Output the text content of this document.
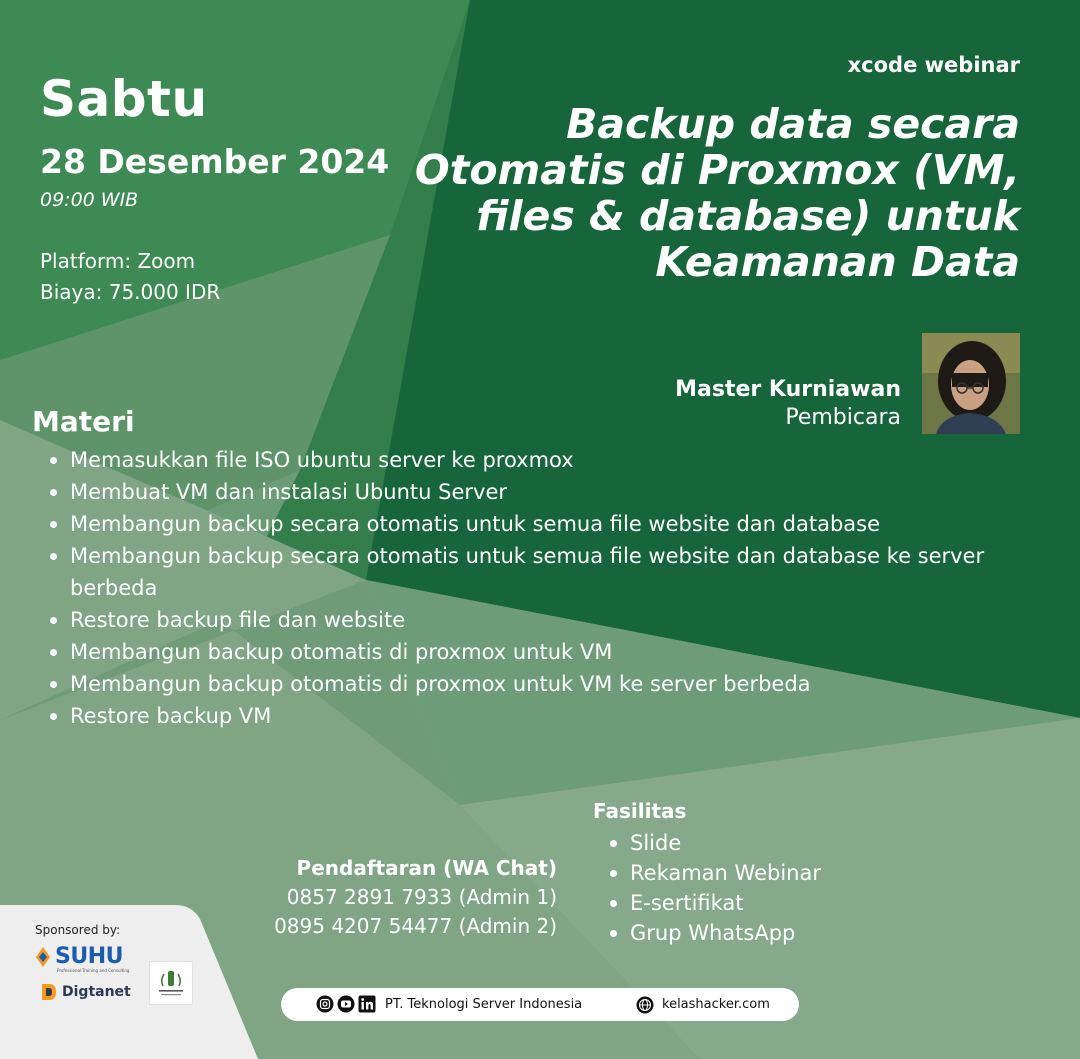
xcode webinar
Backup data secara Otomatis di Proxmox (VM, files & database) untuk Keamanan Data
Sabtu
28 Desember 2024
09:00 WIB
Platform: Zoom
Biaya: 75.000 IDR
Master Kurniawan
Pembicara
Materi
Memasukkan file ISO ubuntu server ke proxmox
Membuat VM dan instalasi Ubuntu Server
Membangun backup secara otomatis untuk semua file website dan database
Membangun backup secara otomatis untuk semua file website dan database ke server berbeda
Restore backup file dan website
Membangun backup otomatis di proxmox untuk VM
Membangun backup otomatis di proxmox untuk VM ke server berbeda
Restore backup VM
Fasilitas
Slide
Rekaman Webinar
E-sertifikat
Grup WhatsApp
Pendaftaran (WA Chat)
0857 2891 7933 (Admin 1)
0895 4207 54477 (Admin 2)
Sponsored by:
SUHU
Professional Training and Consulting
Digtanet
PT. Teknologi Server Indonesia	kelashacker.com
